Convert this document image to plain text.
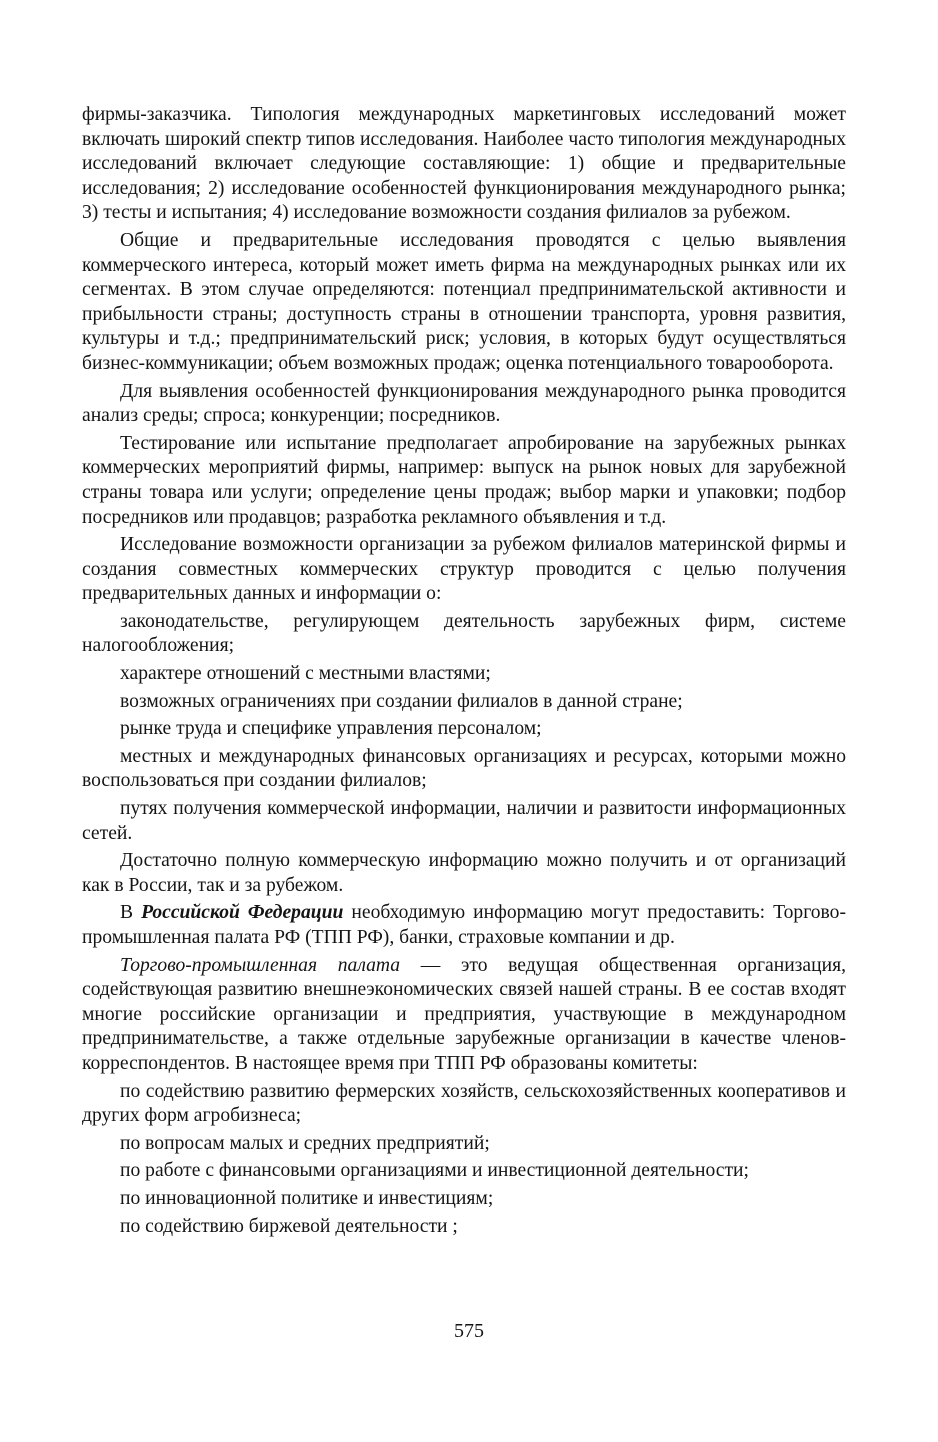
фирмы-заказчика. Типология международных маркетинговых исследований может включать широкий спектр типов исследования. Наиболее часто типология международных исследований включает следующие составляющие: 1) общие и предварительные исследования; 2) исследование особенностей функционирования международного рынка; 3) тесты и испытания; 4) исследование возможности создания филиалов за рубежом.

Общие и предварительные исследования проводятся с целью выявления коммерческого интереса, который может иметь фирма на международных рынках или их сегментах. В этом случае определяются: потенциал предпринимательской активности и прибыльности страны; доступность страны в отношении транспорта, уровня развития, культуры и т.д.; предпринимательский риск; условия, в которых будут осуществляться бизнес-коммуникации; объем возможных продаж; оценка потенциального товарооборота.

Для выявления особенностей функционирования международного рынка проводится анализ среды; спроса; конкуренции; посредников.

Тестирование или испытание предполагает апробирование на зарубежных рынках коммерческих мероприятий фирмы, например: выпуск на рынок новых для зарубежной страны товара или услуги; определение цены продаж; выбор марки и упаковки; подбор посредников или продавцов; разработка рекламного объявления и т.д.

Исследование возможности организации за рубежом филиалов материнской фирмы и создания совместных коммерческих структур проводится с целью получения предварительных данных и информации о:

законодательстве, регулирующем деятельность зарубежных фирм, системе налогообложения;

характере отношений с местными властями;

возможных ограничениях при создании филиалов в данной стране;

рынке труда и специфике управления персоналом;

местных и международных финансовых организациях и ресурсах, которыми можно воспользоваться при создании филиалов;

путях получения коммерческой информации, наличии и развитости информационных сетей.

Достаточно полную коммерческую информацию можно получить и от организаций как в России, так и за рубежом.

В Российской Федерации необходимую информацию могут предоставить: Торгово-промышленная палата РФ (ТПП РФ), банки, страховые компании и др.

Торгово-промышленная палата — это ведущая общественная организация, содействующая развитию внешнеэкономических связей нашей страны. В ее состав входят многие российские организации и предприятия, участвующие в международном предпринимательстве, а также отдельные зарубежные организации в качестве членов-корреспондентов. В настоящее время при ТПП РФ образованы комитеты:

по содействию развитию фермерских хозяйств, сельскохозяйственных кооперативов и других форм агробизнеса;

по вопросам малых и средних предприятий;

по работе с финансовыми организациями и инвестиционной деятельности;

по инновационной политике и инвестициям;

по содействию биржевой деятельности ;

575
